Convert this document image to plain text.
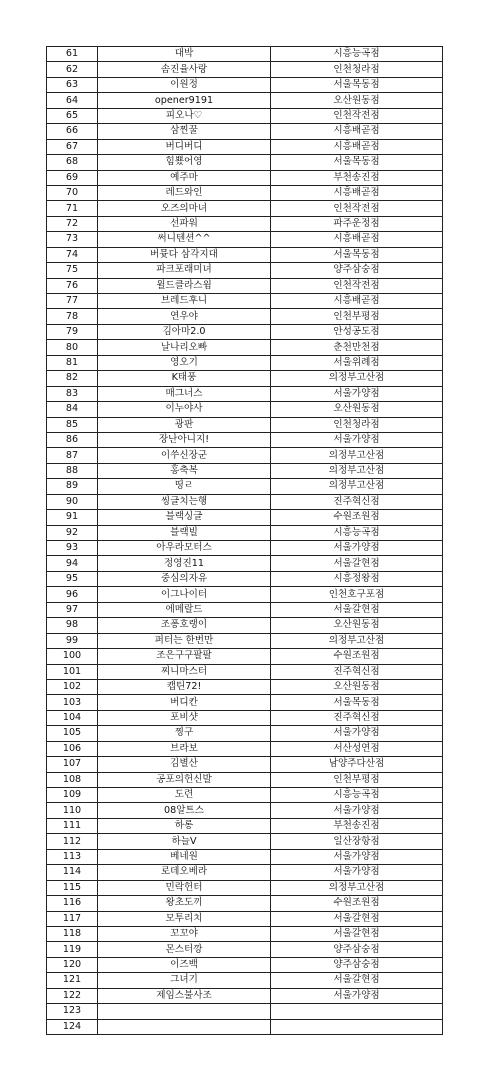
61	대박	시흥능곡점
62	솜진율사랑	인천청라점
63	이원정	서울목동점
64	opener9191	오산원동점
65	피오나♡	인천작전점
66	삼찐꿀	시흥배곧점
67	버디버디	시흥배곧점
68	힘뿄어영	서울목동점
69	예주마	부천송진점
70	레드와인	시흥배곧점
71	오즈의마녀	인천작전점
72	선파워	파주운정점
73	써니텐션^^	시흥배곧점
74	버뮷다 삼각지대	서울목동점
75	파크포래미녀	양주삼숭점
76	윌드클라스윔	인천작전점
77	브레드후니	시흥배곧점
78	연우야	인천부평점
79	김아마2.0	안성공도점
80	날나리오빠	춘천만천점
81	영오기	서울위례점
82	K태풍	의정부고산점
83	매그너스	서울가양점
84	이누야사	오산원동점
85	광판	인천청라점
86	장난아니지!	서울가양점
87	이쑤신장군	의정부고산점
88	홍축복	의정부고산점
89	띵ㄹ	의정부고산점
90	씽글치는행	진주혁신점
91	블랙싱글	수원조원점
92	블랙빌	시흥능곡점
93	아우라모터스	서울가양점
94	정영진11	서울갈현점
95	중심의자유	시흥정왕점
96	이그나이터	인천호구포점
97	에메랄드	서울갈현점
98	조퐁호랭이	오산원동점
99	퍼터는 한번만	의정부고산점
100	조은구구팔팔	수원조원점
101	찌니마스터	진주혁신점
102	캡틴72!	오산원동점
103	버디칸	서울목동점
104	포비샷	진주혁신점
105	찡구	서울가양점
106	브라보	서산성연점
107	김별산	남양주다산점
108	공포의헌신발	인천부평점
109	도련	시흥능곡점
110	08알트스	서울가양점
111	하롱	부천송진점
112	하늘V	일산장항점
113	베네원	서울가양점
114	로데오베라	서울가양점
115	민락헌터	의정부고산점
116	왕초도끼	수원조원점
117	모투리치	서울갈현점
118	꼬꼬야	서울갈현점
119	몬스터깡	양주삼숭점
120	이즈백	양주삼숭점
121	그녀기	서울갈현점
122	제임스불사조	서울가양점
123		
124		
